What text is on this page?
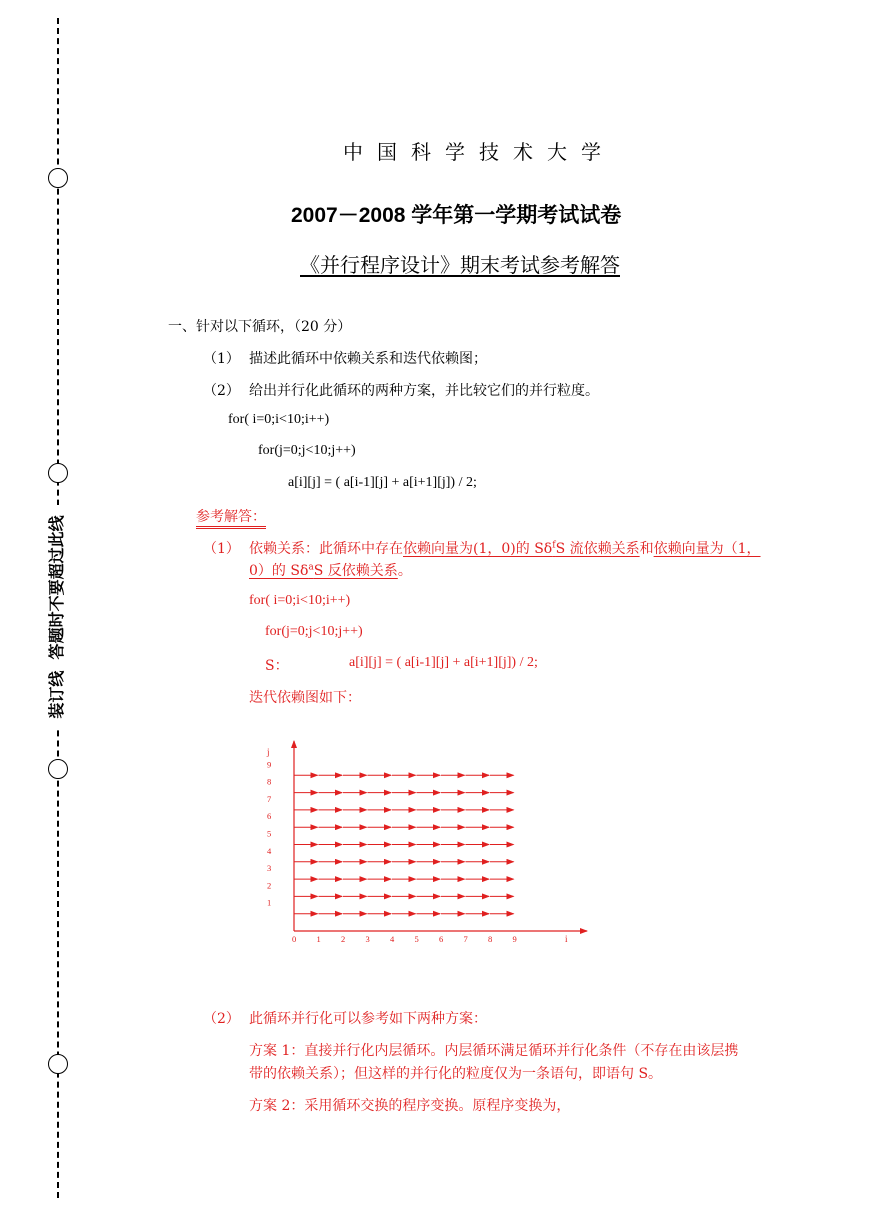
装订线  答题时不要超过此线
中国科学技术大学
2007－2008 学年第一学期考试试卷
《并行程序设计》期末考试参考解答
一、针对以下循环，（20 分）
（1） 描述此循环中依赖关系和迭代依赖图；
（2） 给出并行化此循环的两种方案，并比较它们的并行粒度。
for( i=0;i<10;i++)
for(j=0;j<10;j++)
a[i][j] = ( a[i-1][j] + a[i+1][j]) / 2;
参考解答：
（1） 依赖关系：此循环中存在依赖向量为(1，0)的 $S\delta^fS$ 流依赖关系和依赖向量为（1，
0）的 $S\delta^aS$ 反依赖关系。
for( i=0;i<10;i++)
for(j=0;j<10;j++)
S：	a[i][j] = ( a[i-1][j] + a[i+1][j]) / 2;
迭代依赖图如下：
i
j
0 1 2 3 4 5 6 7 8 9
1
2
3
4
5
6
7
8
9
（2） 此循环并行化可以参考如下两种方案：
方案 1：直接并行化内层循环。内层循环满足循环并行化条件（不存在由该层携
带的依赖关系）；但这样的并行化的粒度仅为一条语句，即语句 S。
方案 2：采用循环交换的程序变换。原程序变换为，
